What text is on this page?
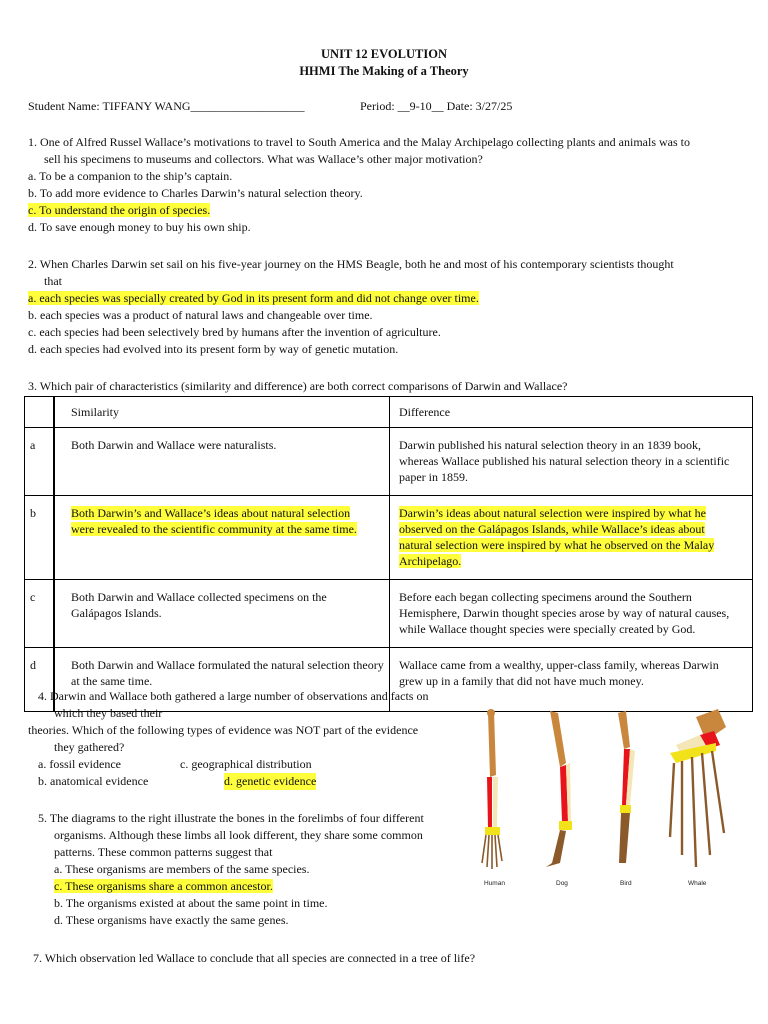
UNIT 12 EVOLUTION
HHMI The Making of a Theory
Student Name: TIFFANY WANG___________________	Period: __9-10__ Date: 3/27/25

1. One of Alfred Russel Wallace’s motivations to travel to South America and the Malay Archipelago collecting plants and animals was to

sell his specimens to museums and collectors. What was Wallace’s other major motivation?

a. To be a companion to the ship’s captain.

b. To add more evidence to Charles Darwin’s natural selection theory.

c. To understand the origin of species.

d. To save enough money to buy his own ship.

2. When Charles Darwin set sail on his five-year journey on the HMS Beagle, both he and most of his contemporary scientists thought

that

a. each species was specially created by God in its present form and did not change over time.

b. each species was a product of natural laws and changeable over time.

c. each species had been selectively bred by humans after the invention of agriculture.

d. each species had evolved into its present form by way of genetic mutation.

3. Which pair of characteristics (similarity and difference) are both correct comparisons of Darwin and Wallace?
	Similarity	Difference
a	Both Darwin and Wallace were naturalists.	Darwin published his natural selection theory in an 1839 book, whereas Wallace published his natural selection theory in a scientific paper in 1859.
b	Both Darwin’s and Wallace’s ideas about natural selection were revealed to the scientific community at the same time.	Darwin’s ideas about natural selection were inspired by what he observed on the Galápagos Islands, while Wallace’s ideas about natural selection were inspired by what he observed on the Malay Archipelago.
c	Both Darwin and Wallace collected specimens on the Galápagos Islands.	Before each began collecting specimens around the Southern Hemisphere, Darwin thought species arose by way of natural causes, while Wallace thought species were specially created by God.
d	Both Darwin and Wallace formulated the natural selection theory at the same time.	Wallace came from a wealthy, upper-class family, whereas Darwin grew up in a family that did not have much money.

4. Darwin and Wallace both gathered a large number of observations and facts on

which they based their

theories. Which of the following types of evidence was NOT part of the evidence

they gathered?

a. fossil evidence	c. geographical distribution
b. anatomical evidence	d. genetic evidence

5. The diagrams to the right illustrate the bones in the forelimbs of four different

organisms. Although these limbs all look different, they share some common

patterns. These common patterns suggest that

a. These organisms are members of the same species.

c. These organisms share a common ancestor.

b. The organisms existed at about the same point in time.

d. These organisms have exactly the same genes.

Human	Dog	Bird	Whale
7. Which observation led Wallace to conclude that all species are connected in a tree of life?
